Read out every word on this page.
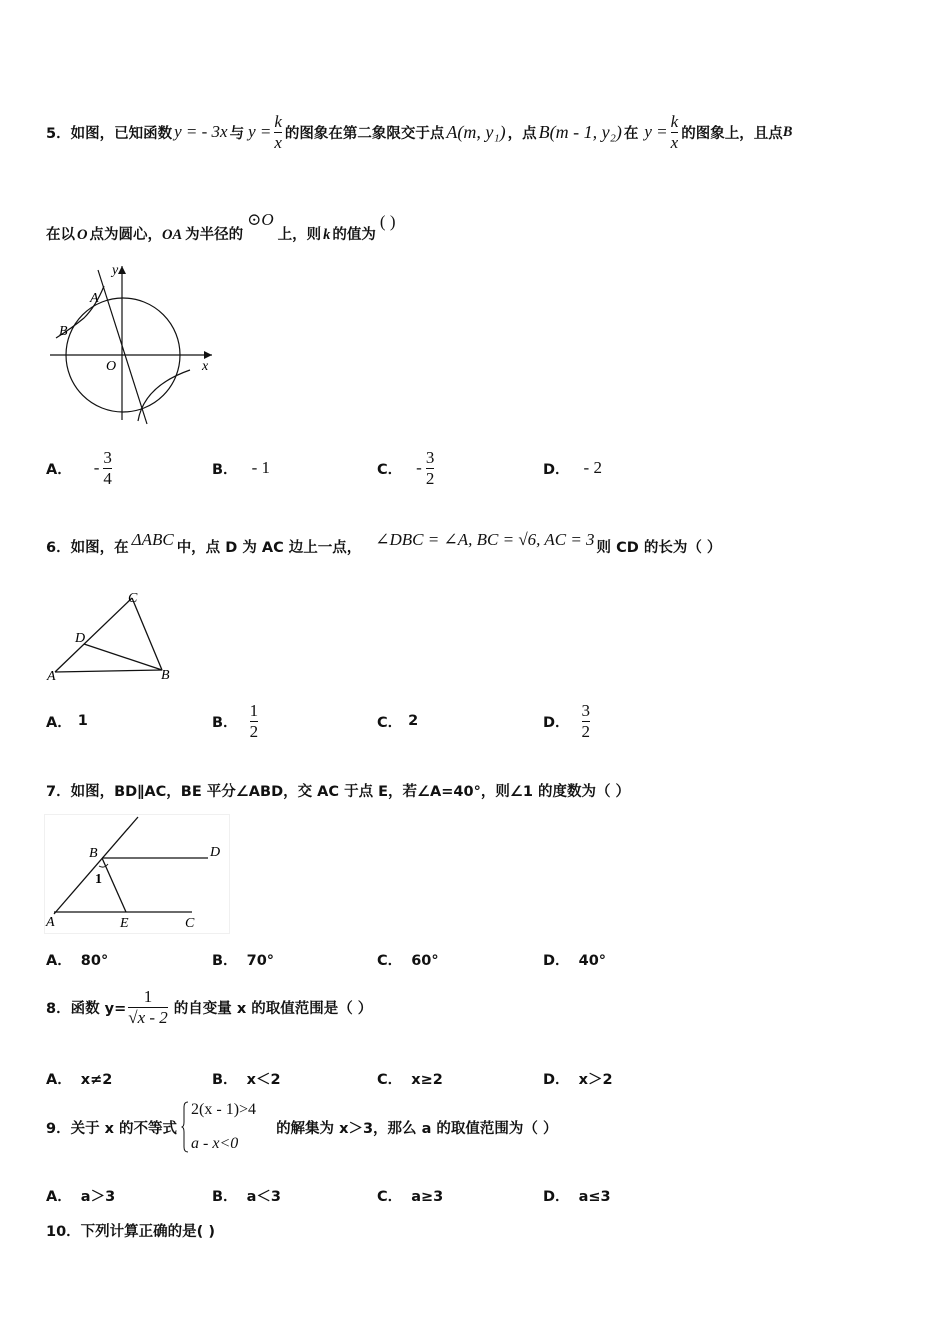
5． 如图，已知函数 y = - 3x 与 $y = \frac{k}{x}$ 的图象在第二象限交于点 A(m, y₁) ，点 B(m - 1, y₂) 在 $y = \frac{k}{x}$ 的图象上，且点 B
在以 O 点为圆心， OA 为半径的
⊙O
上，则 k 的值为
( )
y
x
A
B
O
A． - $\frac{3}{4}$	B． - 1	C． - $\frac{3}{2}$	D． - 2
6． 如图，在 ΔABC 中，点 D 为 AC 边上一点， ∠DBC = ∠A, BC = √6, AC = 3 则 CD 的长为（ ）
C
D
A	B
A． 1	B． $\frac{1}{2}$	C． 2	D． $\frac{3}{2}$
7．如图，BD∥AC，BE 平分∠ABD，交 AC 于点 E，若∠A=40°，则∠1 的度数为（ ）
B	D
1
A	E	C
A． 80°	B． 70°	C． 60°	D． 40°
8．函数 $y= \frac{1}{√x - 2}$ 的自变量 x 的取值范围是（ ）
A． x≠2	B． x＜2	C． x≥2	D． x＞2
9．关于 x 的不等式
2(x - 1)>4
a - x<0
的解集为 x＞3，那么 a 的取值范围为（ ）
A． a＞3	B． a＜3	C． a≥3	D． a≤3
10．下列计算正确的是( )
